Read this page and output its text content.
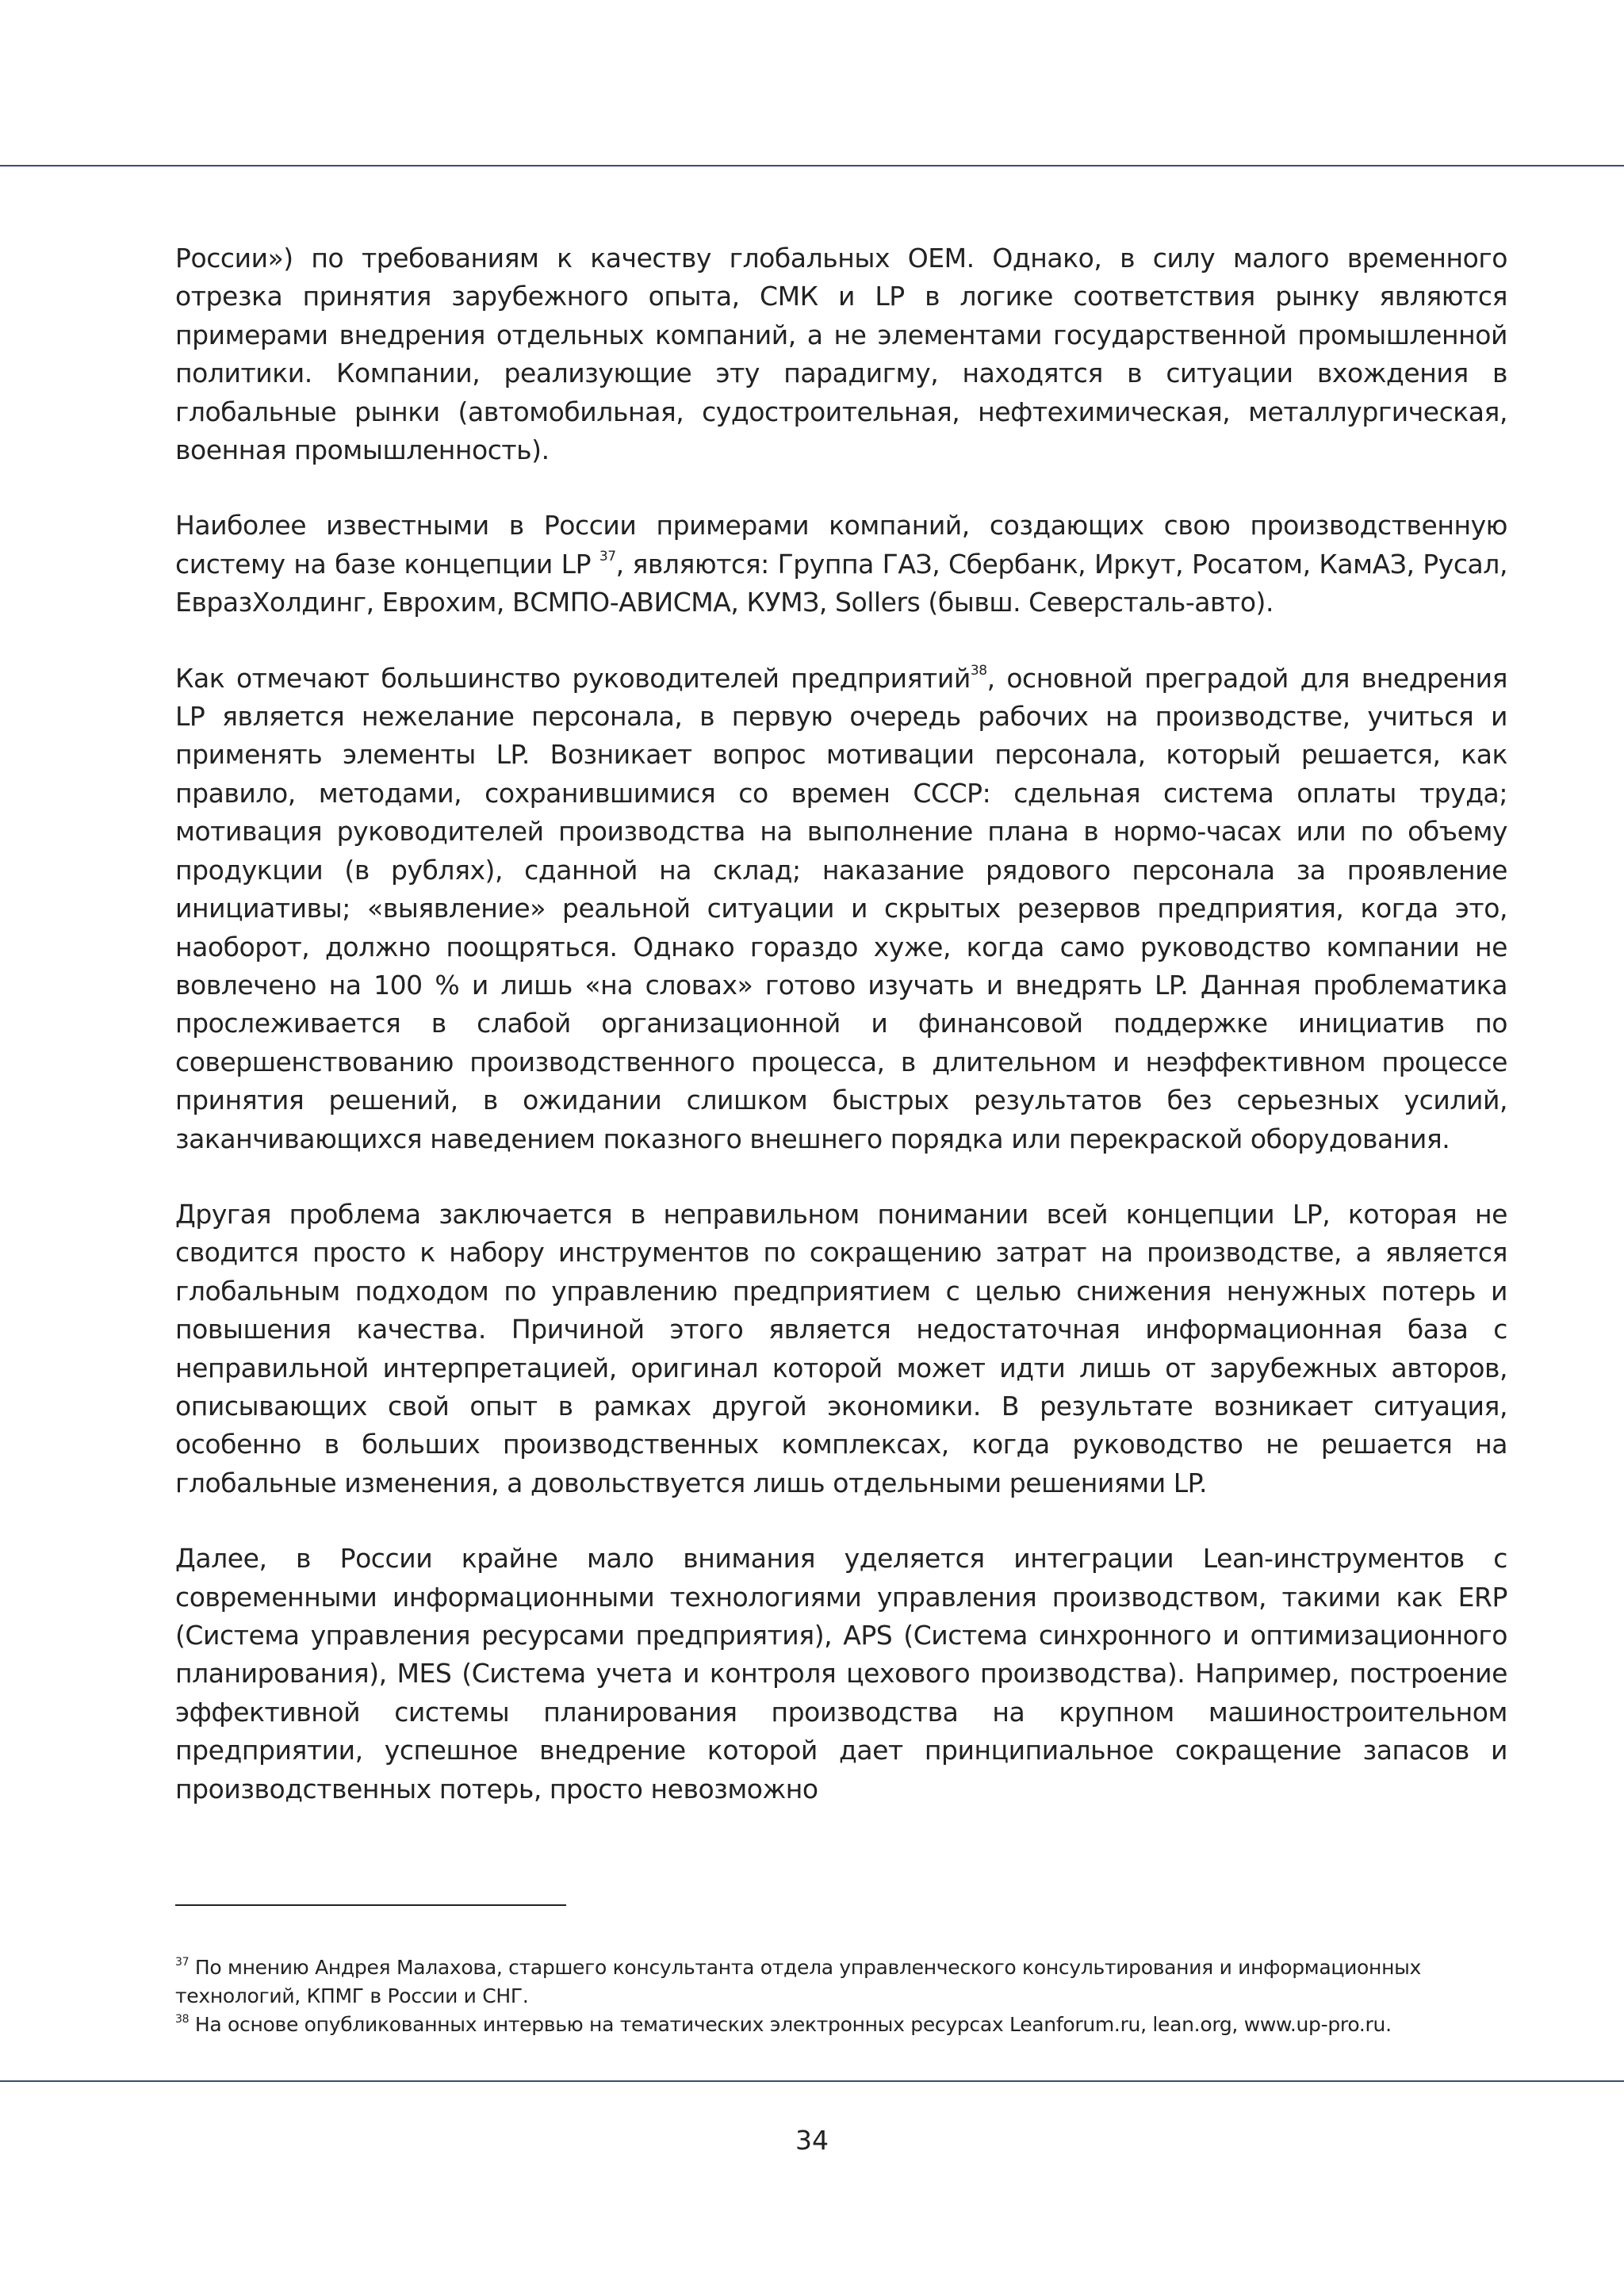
России») по требованиям к качеству глобальных OEM. Однако, в силу малого временного отрезка принятия зарубежного опыта, СМК и LP в логике соответствия рынку являются примерами внедрения отдельных компаний, а не элементами государственной промышленной политики. Компании, реализующие эту парадигму, находятся в ситуации вхождения в глобальные рынки (автомобильная, судостроительная, нефтехимическая, металлургическая, военная промышленность).

Наиболее известными в России примерами компаний, создающих свою производственную систему на базе концепции LP $^{37}$, являются: Группа ГАЗ, Сбербанк, Иркут, Росатом, КамАЗ, Русал, ЕвразХолдинг, Еврохим, ВСМПО-АВИСМА, КУМЗ, Sollers (бывш. Северсталь-авто).

Как отмечают большинство руководителей предприятий$^{38}$, основной преградой для внедрения LP является нежелание персонала, в первую очередь рабочих на производстве, учиться и применять элементы LP. Возникает вопрос мотивации персонала, который решается, как правило, методами, сохранившимися со времен СССР: сдельная система оплаты труда; мотивация руководителей производства на выполнение плана в нормо-часах или по объему продукции (в рублях), сданной на склад; наказание рядового персонала за проявление инициативы; «выявление» реальной ситуации и скрытых резервов предприятия, когда это, наоборот, должно поощряться. Однако гораздо хуже, когда само руководство компании не вовлечено на 100 % и лишь «на словах» готово изучать и внедрять LP. Данная проблематика прослеживается в слабой организационной и финансовой поддержке инициатив по совершенствованию производственного процесса, в длительном и неэффективном процессе принятия решений, в ожидании слишком быстрых результатов без серьезных усилий, заканчивающихся наведением показного внешнего порядка или перекраской оборудования.

Другая проблема заключается в неправильном понимании всей концепции LP, которая не сводится просто к набору инструментов по сокращению затрат на производстве, а является глобальным подходом по управлению предприятием с целью снижения ненужных потерь и повышения качества. Причиной этого является недостаточная информационная база с неправильной интерпретацией, оригинал которой может идти лишь от зарубежных авторов, описывающих свой опыт в рамках другой экономики. В результате возникает ситуация, особенно в больших производственных комплексах, когда руководство не решается на глобальные изменения, а довольствуется лишь отдельными решениями LP.

Далее, в России крайне мало внимания уделяется интеграции Lean-инструментов с современными информационными технологиями управления производством, такими как ERP (Система управления ресурсами предприятия), APS (Система синхронного и оптимизационного планирования), MES (Система учета и контроля цехового производства). Например, построение эффективной системы планирования производства на крупном машиностроительном предприятии, успешное внедрение которой дает принципиальное сокращение запасов и производственных потерь, просто невозможно

$^{37}$ По мнению Андрея Малахова, старшего консультанта отдела управленческого консультирования и информационных технологий, КПМГ в России и СНГ.

$^{38}$ На основе опубликованных интервью на тематических электронных ресурсах Leanforum.ru, lean.org, www.up-pro.ru.

34
